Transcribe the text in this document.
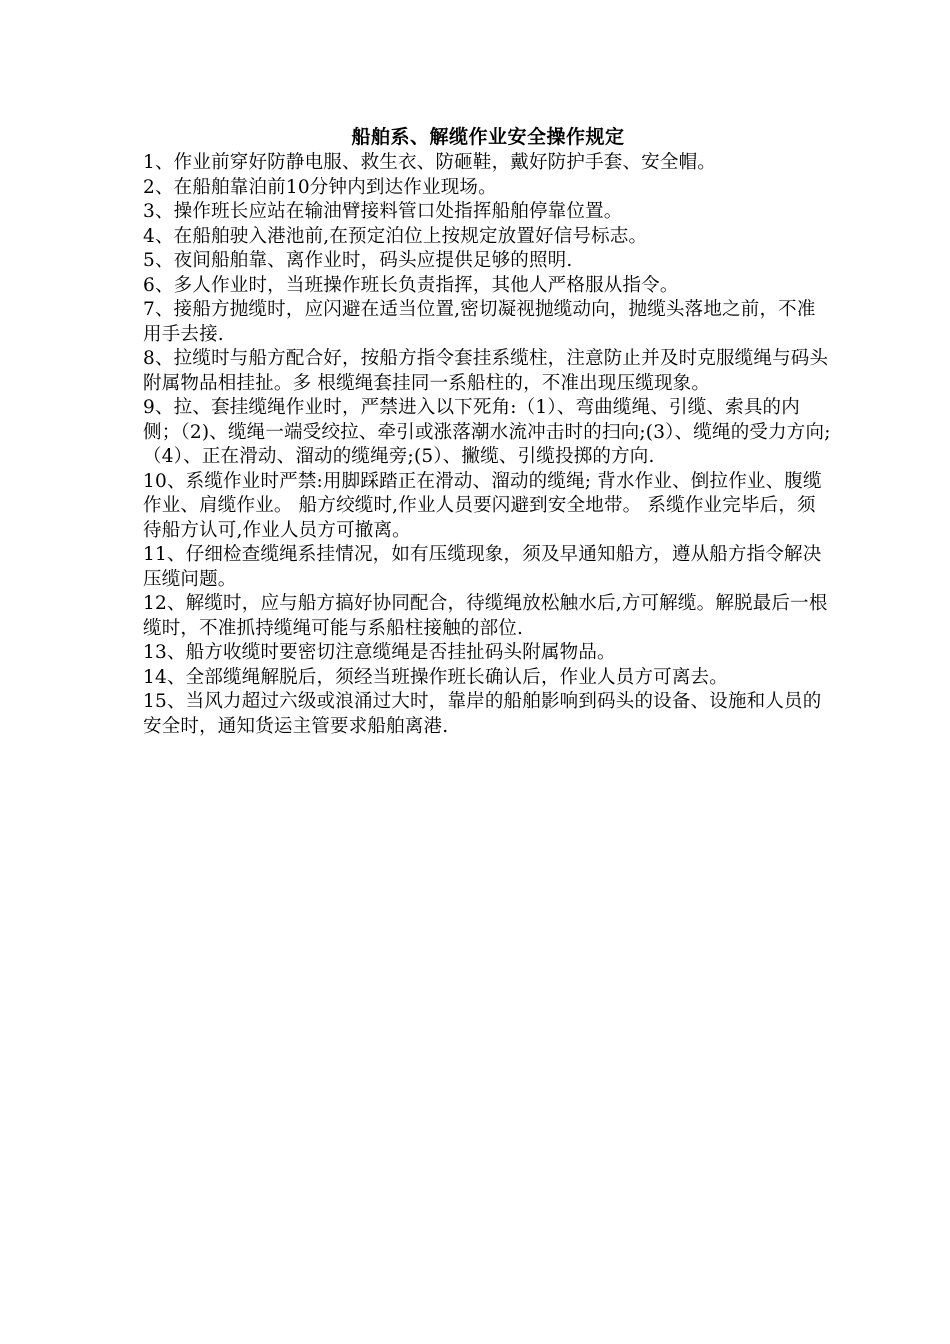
船舶系、解缆作业安全操作规定

1、作业前穿好防静电服、救生衣、防砸鞋，戴好防护手套、安全帽。

2、在船舶靠泊前10分钟内到达作业现场。

3、操作班长应站在输油臂接料管口处指挥船舶停靠位置。

4、在船舶驶入港池前,在预定泊位上按规定放置好信号标志。

5、夜间船舶靠、离作业时，码头应提供足够的照明.

6、多人作业时，当班操作班长负责指挥，其他人严格服从指令。

7、接船方抛缆时，应闪避在适当位置,密切凝视抛缆动向，抛缆头落地之前，不准用手去接.

8、拉缆时与船方配合好，按船方指令套挂系缆柱，注意防止并及时克服缆绳与码头附属物品相挂扯。多 根缆绳套挂同一系船柱的，不准出现压缆现象。

9、拉、套挂缆绳作业时，严禁进入以下死角:（1）、弯曲缆绳、引缆、索具的内侧；（2)、缆绳一端受绞拉、牵引或涨落潮水流冲击时的扫向;(3）、缆绳的受力方向;（4）、正在滑动、溜动的缆绳旁;(5）、撇缆、引缆投掷的方向.

10、系缆作业时严禁:用脚踩踏正在滑动、溜动的缆绳; 背水作业、倒拉作业、腹缆作业、肩缆作业。 船方绞缆时,作业人员要闪避到安全地带。 系缆作业完毕后，须待船方认可,作业人员方可撤离。

11、仔细检查缆绳系挂情况，如有压缆现象，须及早通知船方，遵从船方指令解决压缆问题。

12、解缆时，应与船方搞好协同配合，待缆绳放松触水后,方可解缆。解脱最后一根缆时，不准抓持缆绳可能与系船柱接触的部位.

13、船方收缆时要密切注意缆绳是否挂扯码头附属物品。

14、全部缆绳解脱后，须经当班操作班长确认后，作业人员方可离去。

15、当风力超过六级或浪涌过大时，靠岸的船舶影响到码头的设备、设施和人员的安全时，通知货运主管要求船舶离港.
